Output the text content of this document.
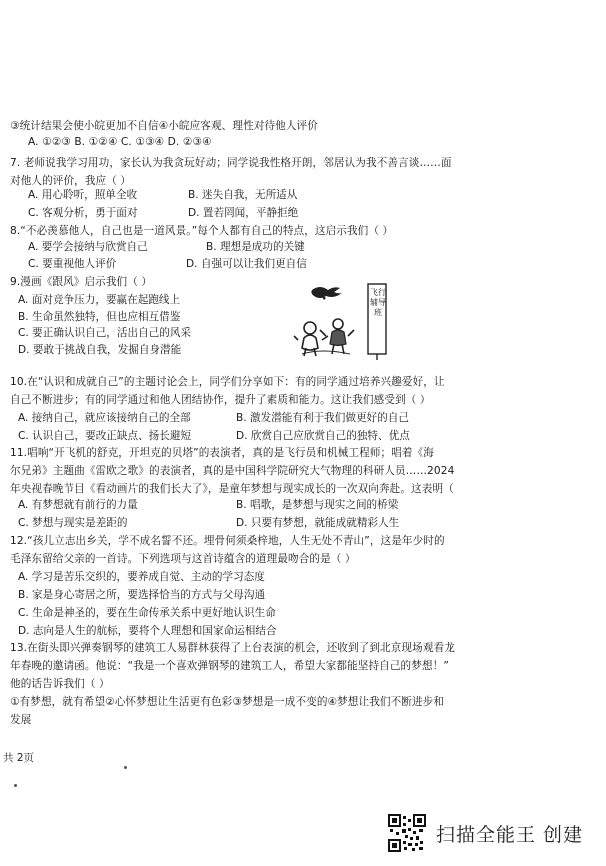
③统计结果会使小皖更加不自信④小皖应客观、理性对待他人评价
A. ①②③ B. ①②④ C. ①③④ D. ②③④
7. 老师说我学习用功，家长认为我贪玩好动；同学说我性格开朗，邻居认为我不善言谈……面
对他人的评价，我应（ ）
A. 用心聆听，照单全收	B. 迷失自我，无所适从
C. 客观分析，勇于面对	D. 置若罔闻，平静拒绝
8.“不必羡慕他人，自己也是一道风景。”每个人都有自己的特点，这启示我们（ ）
A. 要学会接纳与欣赏自己	B. 理想是成功的关键
C. 要重视他人评价	D. 自强可以让我们更自信
9.漫画《跟风》启示我们（ ）
A. 面对竞争压力，要赢在起跑线上
B. 生命虽然独特，但也应相互借鉴
C. 要正确认识自己，活出自己的风采
D. 要敢于挑战自我，发掘自身潜能
飞行辅导班
10.在“认识和成就自己”的主题讨论会上，同学们分享如下：有的同学通过培养兴趣爱好，让
自己不断进步；有的同学通过和他人团结协作，提升了素质和能力。这让我们感受到（ ）
A. 接纳自己，就应该接纳自己的全部	B. 激发潜能有利于我们做更好的自己
C. 认识自己，要改正缺点、扬长避短	D. 欣赏自己应欣赏自己的独特、优点
11.唱响“开飞机的舒克，开坦克的贝塔”的表演者，真的是飞行员和机械工程师；唱着《海
尔兄弟》主题曲《雷欧之歌》的表演者，真的是中国科学院研究大气物理的科研人员……2024
年央视春晚节目《看动画片的我们长大了》，是童年梦想与现实成长的一次双向奔赴。这表明（
A. 有梦想就有前行的力量	B. 唱歌，是梦想与现实之间的桥梁
C. 梦想与现实是差距的	D. 只要有梦想，就能成就精彩人生
12.“孩儿立志出乡关，学不成名誓不还。埋骨何须桑梓地，人生无处不青山”，这是年少时的
毛泽东留给父亲的一首诗。下列选项与这首诗蕴含的道理最吻合的是（ ）
A. 学习是苦乐交织的，要养成自觉、主动的学习态度
B. 家是身心寄居之所，要选择恰当的方式与父母沟通
C. 生命是神圣的，要在生命传承关系中更好地认识生命
D. 志向是人生的航标，要将个人理想和国家命运相结合
13.在街头即兴弹奏钢琴的建筑工人易群林获得了上台表演的机会，还收到了到北京现场观看龙
年春晚的邀请函。他说：“我是一个喜欢弹钢琴的建筑工人，希望大家都能坚持自己的梦想！”
他的话告诉我们（ ）
①有梦想，就有希望②心怀梦想让生活更有色彩③梦想是一成不变的④梦想让我们不断进步和
发展
共 2页
扫描全能王 创建
